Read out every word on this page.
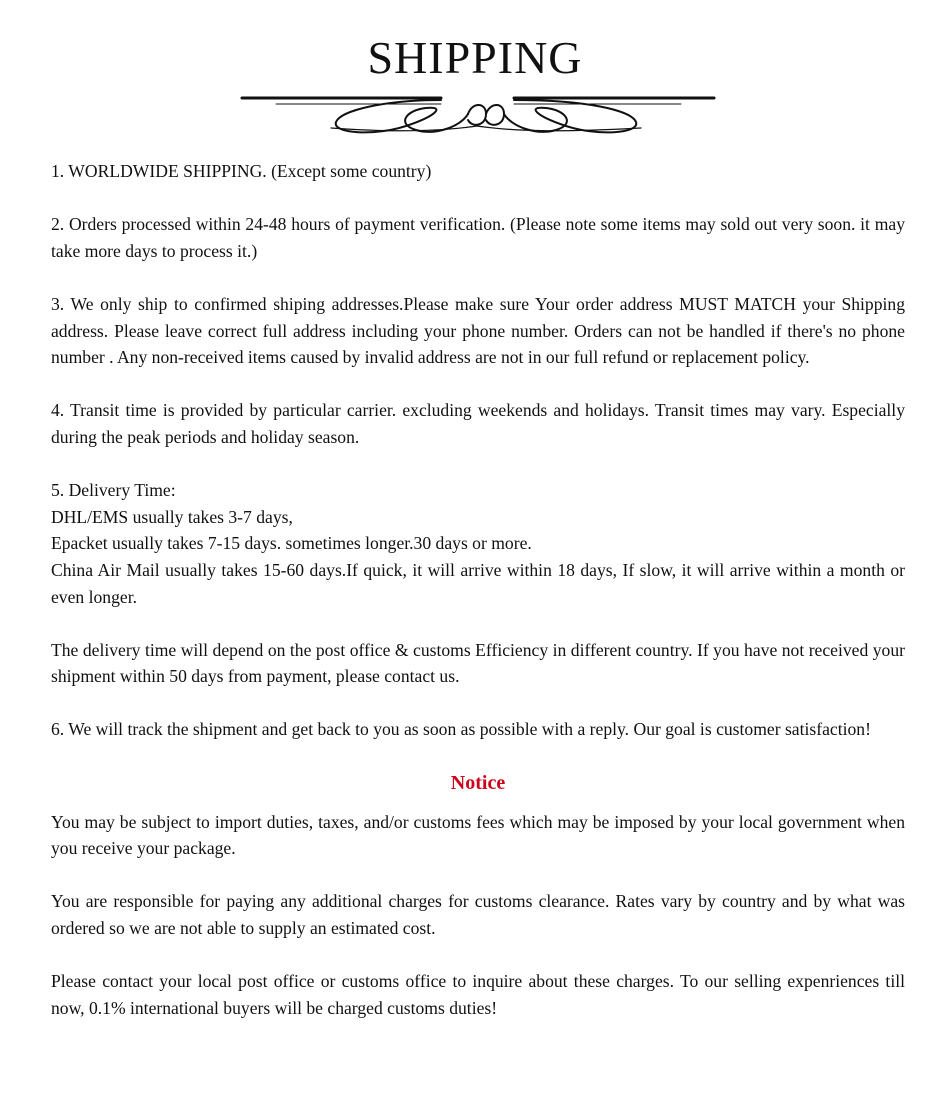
SHIPPING

1. WORLDWIDE SHIPPING. (Except some country)

2. Orders processed within 24-48 hours of payment verification. (Please note some items may sold out very soon. it may take more days to process it.)

3. We only ship to confirmed shiping addresses.Please make sure Your order address MUST MATCH your Shipping address. Please leave correct full address including your phone number. Orders can not be handled if there's no phone number . Any non-received items caused by invalid address are not in our full refund or replacement policy.

4. Transit time is provided by particular carrier. excluding weekends and holidays. Transit times may vary. Especially during the peak periods and holiday season.

5. Delivery Time:

DHL/EMS usually takes 3-7 days,

Epacket usually takes 7-15 days. sometimes longer.30 days or more.

China Air Mail usually takes 15-60 days.If quick, it will arrive within 18 days, If slow, it will arrive within a month or even longer.

The delivery time will depend on the post office & customs Efficiency in different country. If you have not received your shipment within 50 days from payment, please contact us.

6. We will track the shipment and get back to you as soon as possible with a reply. Our goal is customer satisfaction!

Notice

You may be subject to import duties, taxes, and/or customs fees which may be imposed by your local government when you receive your package.

You are responsible for paying any additional charges for customs clearance. Rates vary by country and by what was ordered so we are not able to supply an estimated cost.

Please contact your local post office or customs office to inquire about these charges. To our selling expenriences till now, 0.1% international buyers will be charged customs duties!
